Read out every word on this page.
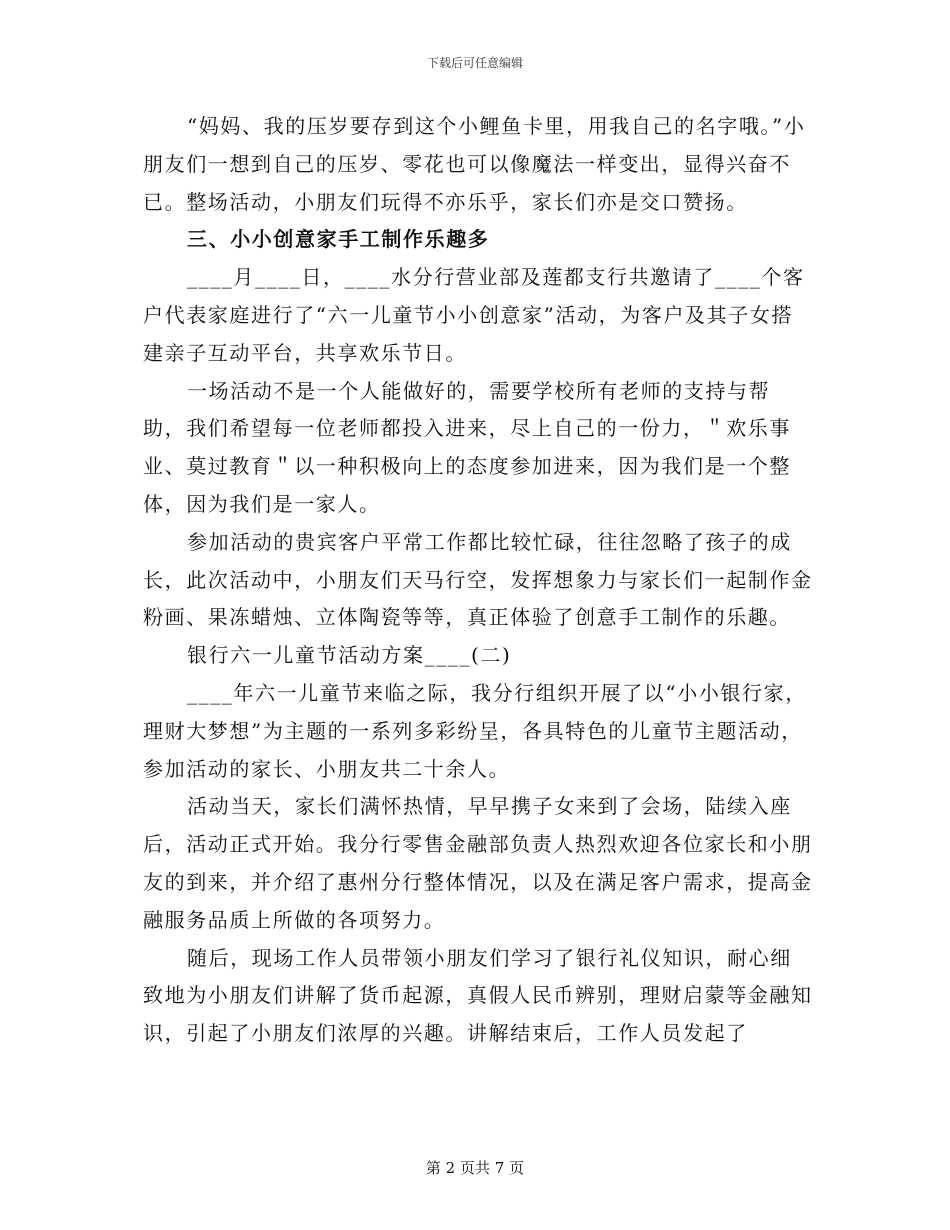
下载后可任意编辑

“妈妈、我的压岁要存到这个小鲤鱼卡里，用我自己的名字哦。”小朋友们一想到自己的压岁、零花也可以像魔法一样变出，显得兴奋不已。整场活动，小朋友们玩得不亦乐乎，家长们亦是交口赞扬。

三、小小创意家手工制作乐趣多

____月____日，____水分行营业部及莲都支行共邀请了____个客户代表家庭进行了“六一儿童节小小创意家”活动，为客户及其子女搭建亲子互动平台，共享欢乐节日。

一场活动不是一个人能做好的，需要学校所有老师的支持与帮助，我们希望每一位老师都投入进来，尽上自己的一份力，＂欢乐事业、莫过教育＂以一种积极向上的态度参加进来，因为我们是一个整体，因为我们是一家人。

参加活动的贵宾客户平常工作都比较忙碌，往往忽略了孩子的成长，此次活动中，小朋友们天马行空，发挥想象力与家长们一起制作金粉画、果冻蜡烛、立体陶瓷等等，真正体验了创意手工制作的乐趣。

银行六一儿童节活动方案____(二)

____年六一儿童节来临之际，我分行组织开展了以“小小银行家，理财大梦想”为主题的一系列多彩纷呈，各具特色的儿童节主题活动，参加活动的家长、小朋友共二十余人。

活动当天，家长们满怀热情，早早携子女来到了会场，陆续入座后，活动正式开始。我分行零售金融部负责人热烈欢迎各位家长和小朋友的到来，并介绍了惠州分行整体情况，以及在满足客户需求，提高金融服务品质上所做的各项努力。

随后，现场工作人员带领小朋友们学习了银行礼仪知识，耐心细致地为小朋友们讲解了货币起源，真假人民币辨别，理财启蒙等金融知识，引起了小朋友们浓厚的兴趣。讲解结束后，工作人员发起了

第 2 页共 7 页
